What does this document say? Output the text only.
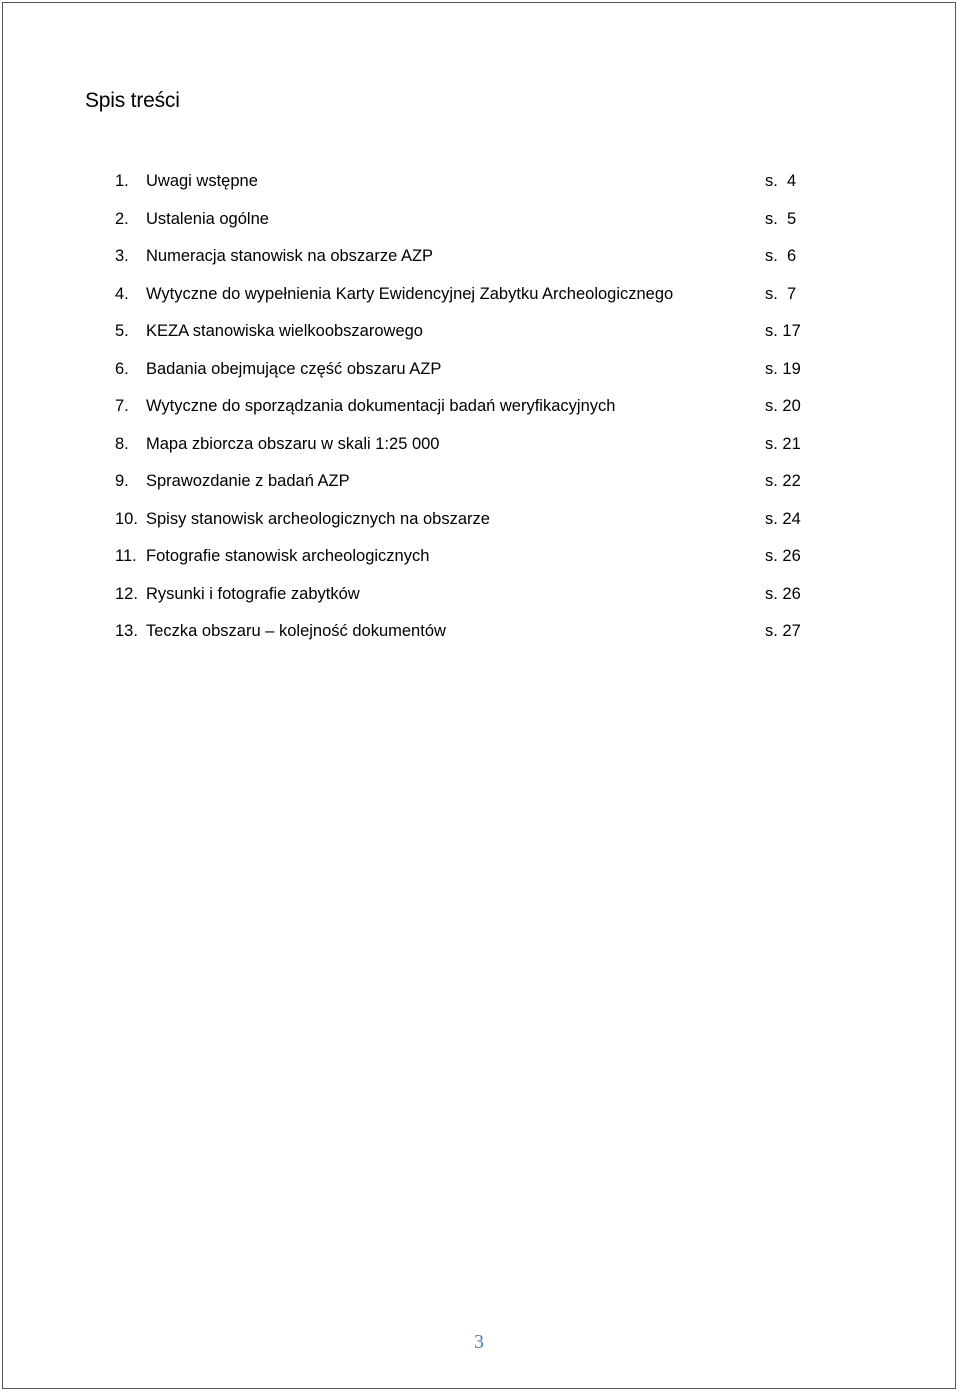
Spis treści
1.	Uwagi wstępne	s.  4
2.	Ustalenia ogólne	s.  5
3.	Numeracja stanowisk na obszarze AZP	s.  6
4.	Wytyczne do wypełnienia Karty Ewidencyjnej Zabytku Archeologicznego	s.  7
5.	KEZA stanowiska wielkoobszarowego	s. 17
6.	Badania obejmujące część obszaru AZP	s. 19
7.	Wytyczne do sporządzania dokumentacji badań weryfikacyjnych	s. 20
8.	Mapa zbiorcza obszaru w skali 1:25 000	s. 21
9.	Sprawozdanie z badań AZP	s. 22
10. Spisy stanowisk archeologicznych na obszarze	s. 24
11. Fotografie stanowisk archeologicznych	s. 26
12. Rysunki i fotografie zabytków	s. 26
13. Teczka obszaru – kolejność dokumentów	s. 27
3
